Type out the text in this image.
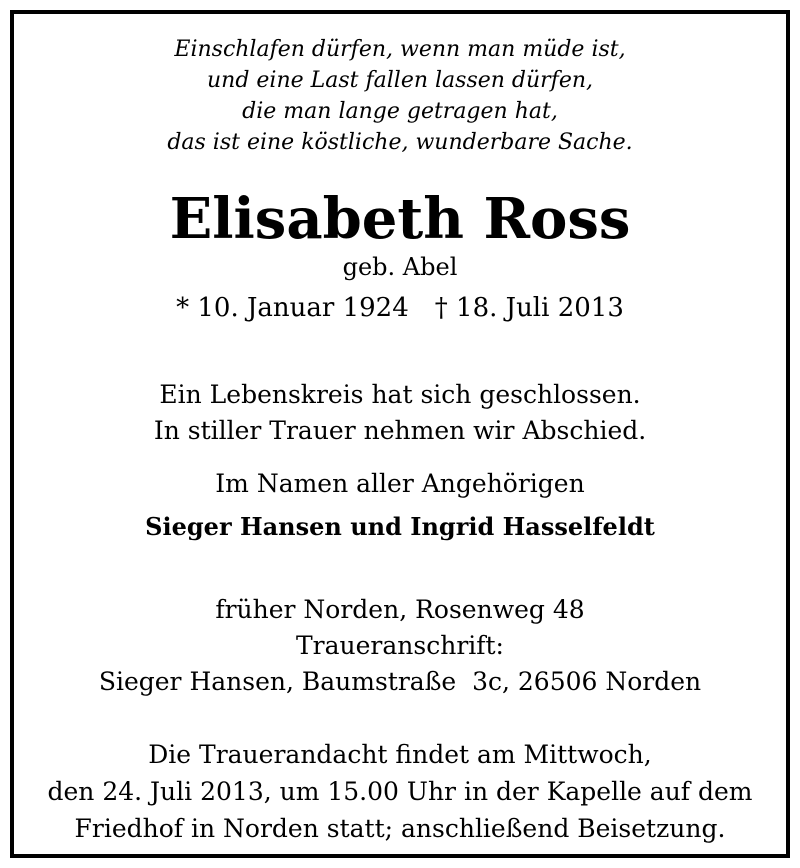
Einschlafen dürfen, wenn man müde ist,
und eine Last fallen lassen dürfen,
die man lange getragen hat,
das ist eine köstliche, wunderbare Sache.
Elisabeth Ross
geb. Abel
* 10. Januar 1924 † 18. Juli 2013
Ein Lebenskreis hat sich geschlossen.
In stiller Trauer nehmen wir Abschied.
Im Namen aller Angehörigen
Sieger Hansen und Ingrid Hasselfeldt
früher Norden, Rosenweg 48
Traueranschrift:
Sieger Hansen, Baumstraße  3c, 26506 Norden
Die Trauerandacht findet am Mittwoch,
den 24. Juli 2013, um 15.00 Uhr in der Kapelle auf dem
Friedhof in Norden statt; anschließend Beisetzung.
